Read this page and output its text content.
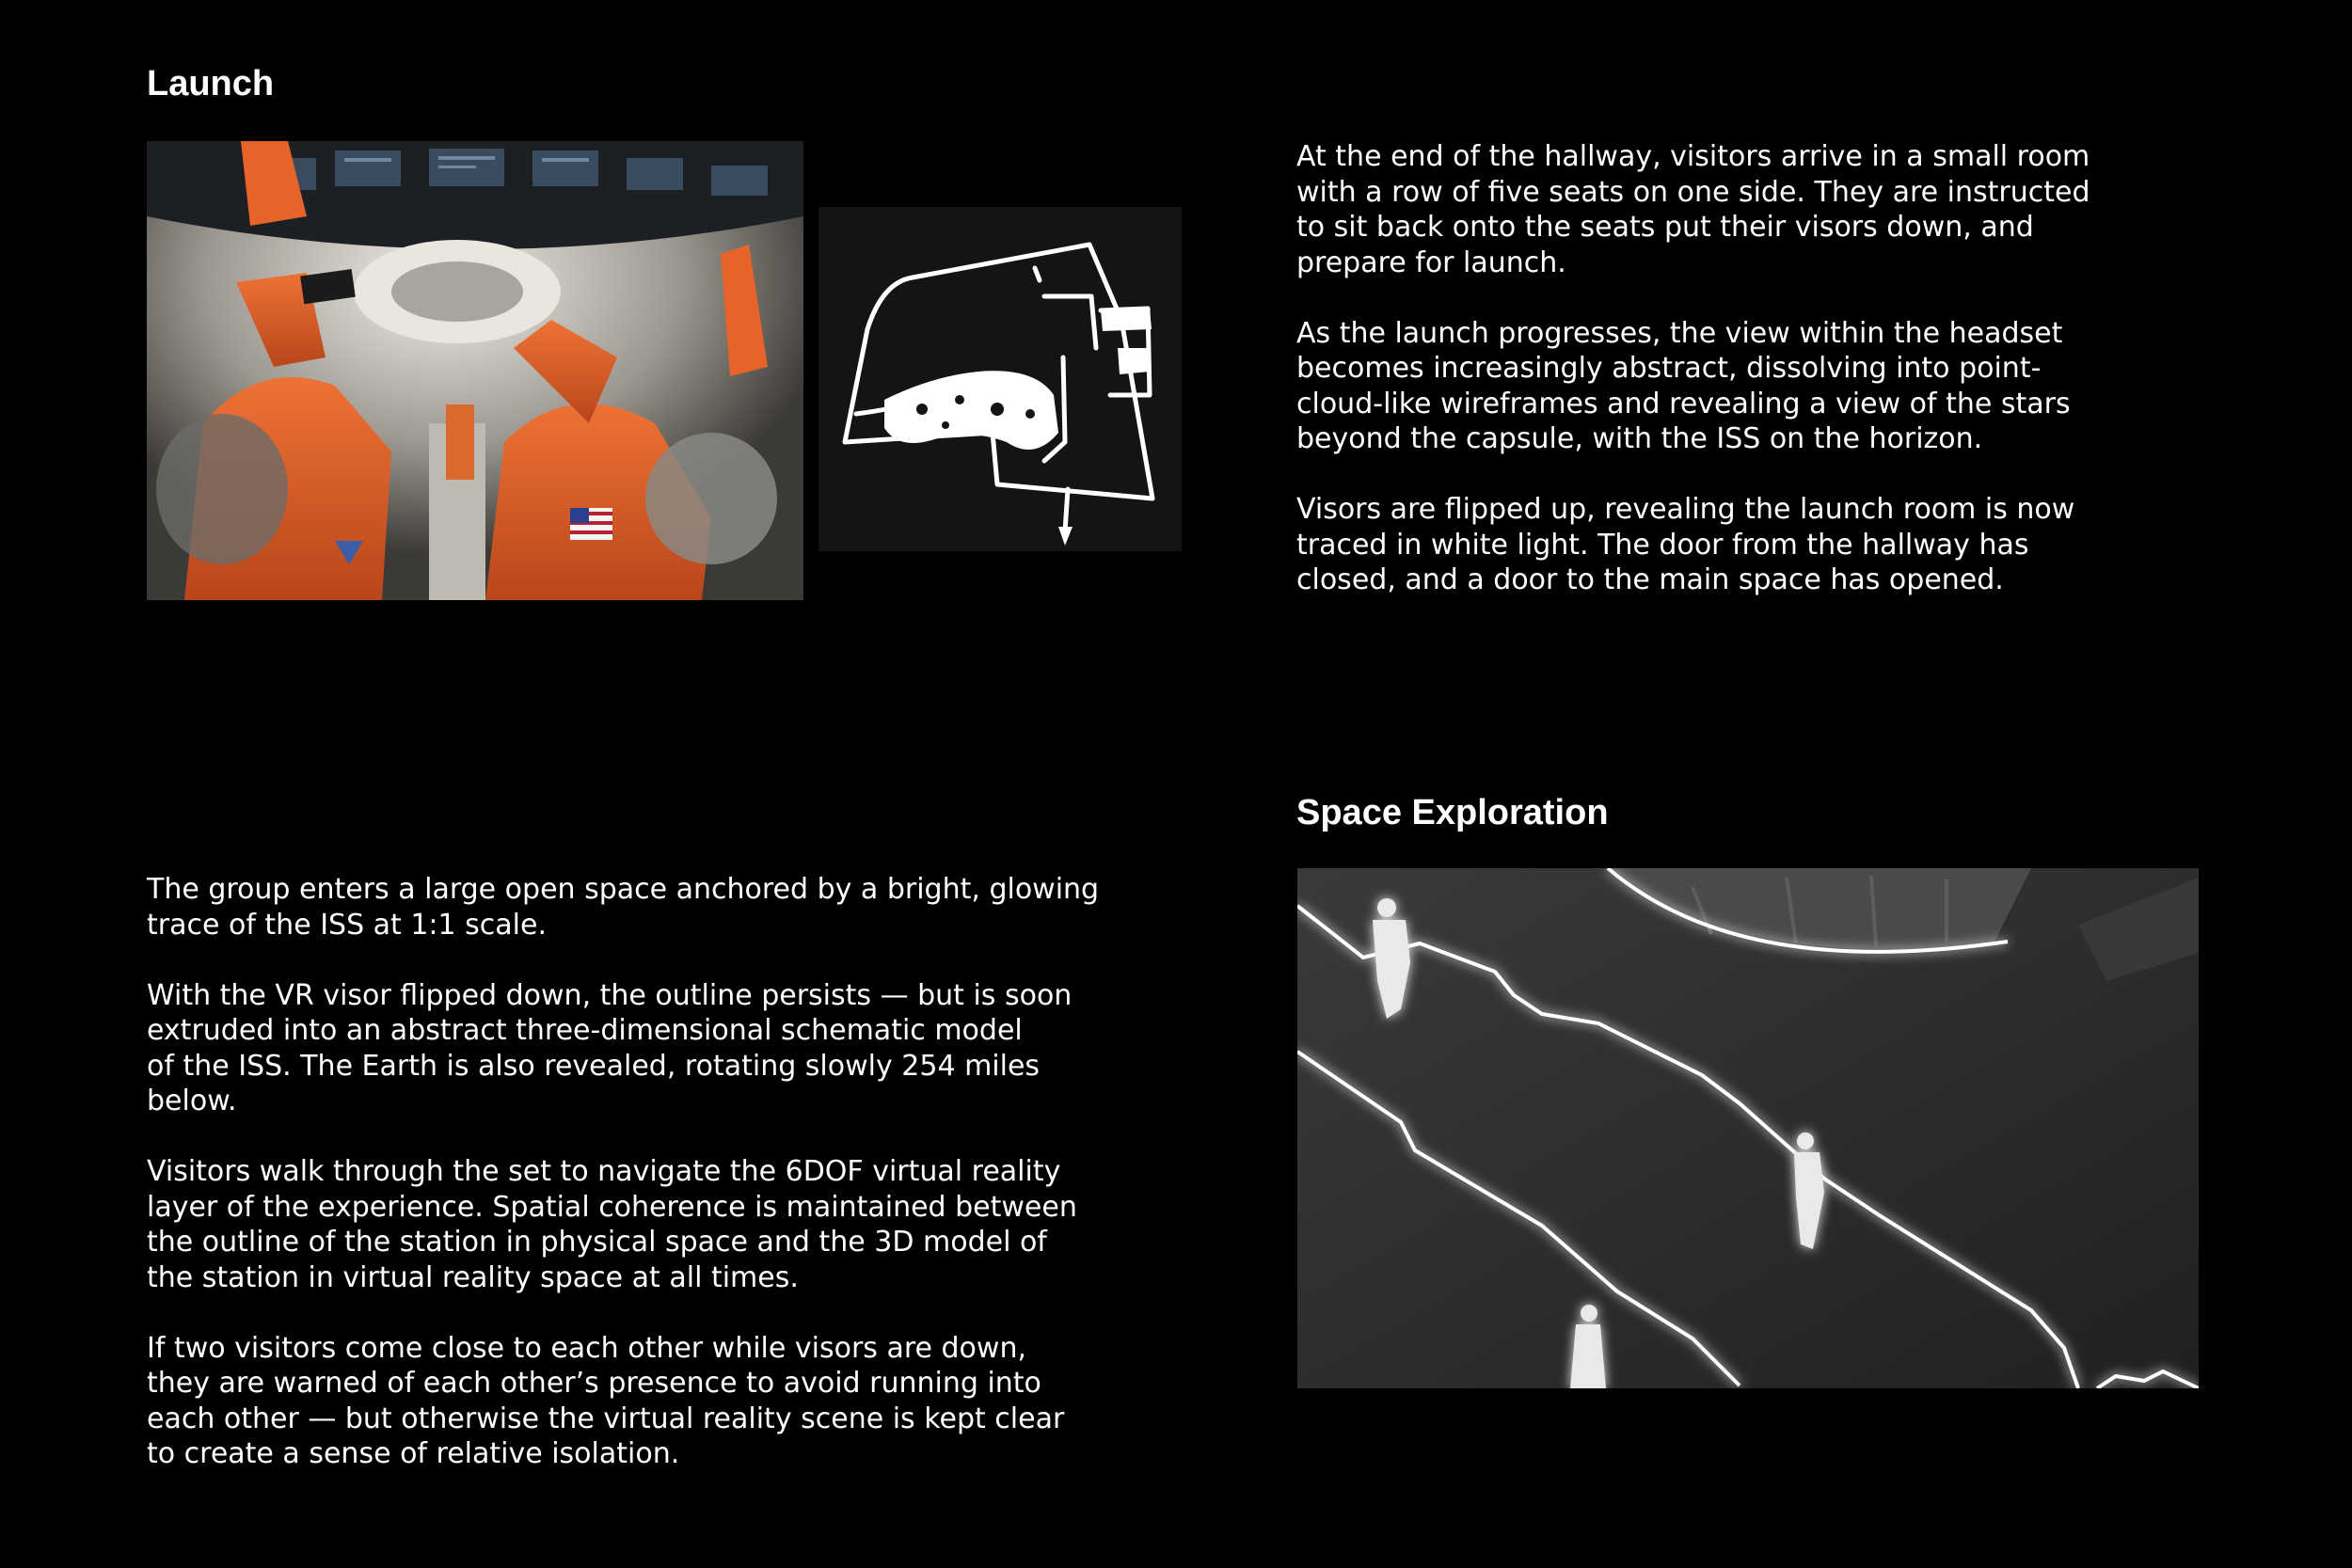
Launch

At the end of the hallway, visitors arrive in a small room
with a row of five seats on one side. They are instructed
to sit back onto the seats put their visors down, and
prepare for launch.

As the launch progresses, the view within the headset
becomes increasingly abstract, dissolving into point-
cloud-like wireframes and revealing a view of the stars
beyond the capsule, with the ISS on the horizon.

Visors are flipped up, revealing the launch room is now
traced in white light. The door from the hallway has
closed, and a door to the main space has opened.

Space Exploration

The group enters a large open space anchored by a bright, glowing
trace of the ISS at 1:1 scale.

With the VR visor flipped down, the outline persists — but is soon
extruded into an abstract three-dimensional schematic model
of the ISS. The Earth is also revealed, rotating slowly 254 miles
below.

Visitors walk through the set to navigate the 6DOF virtual reality
layer of the experience. Spatial coherence is maintained between
the outline of the station in physical space and the 3D model of
the station in virtual reality space at all times.

If two visitors come close to each other while visors are down,
they are warned of each other’s presence to avoid running into
each other — but otherwise the virtual reality scene is kept clear
to create a sense of relative isolation.
